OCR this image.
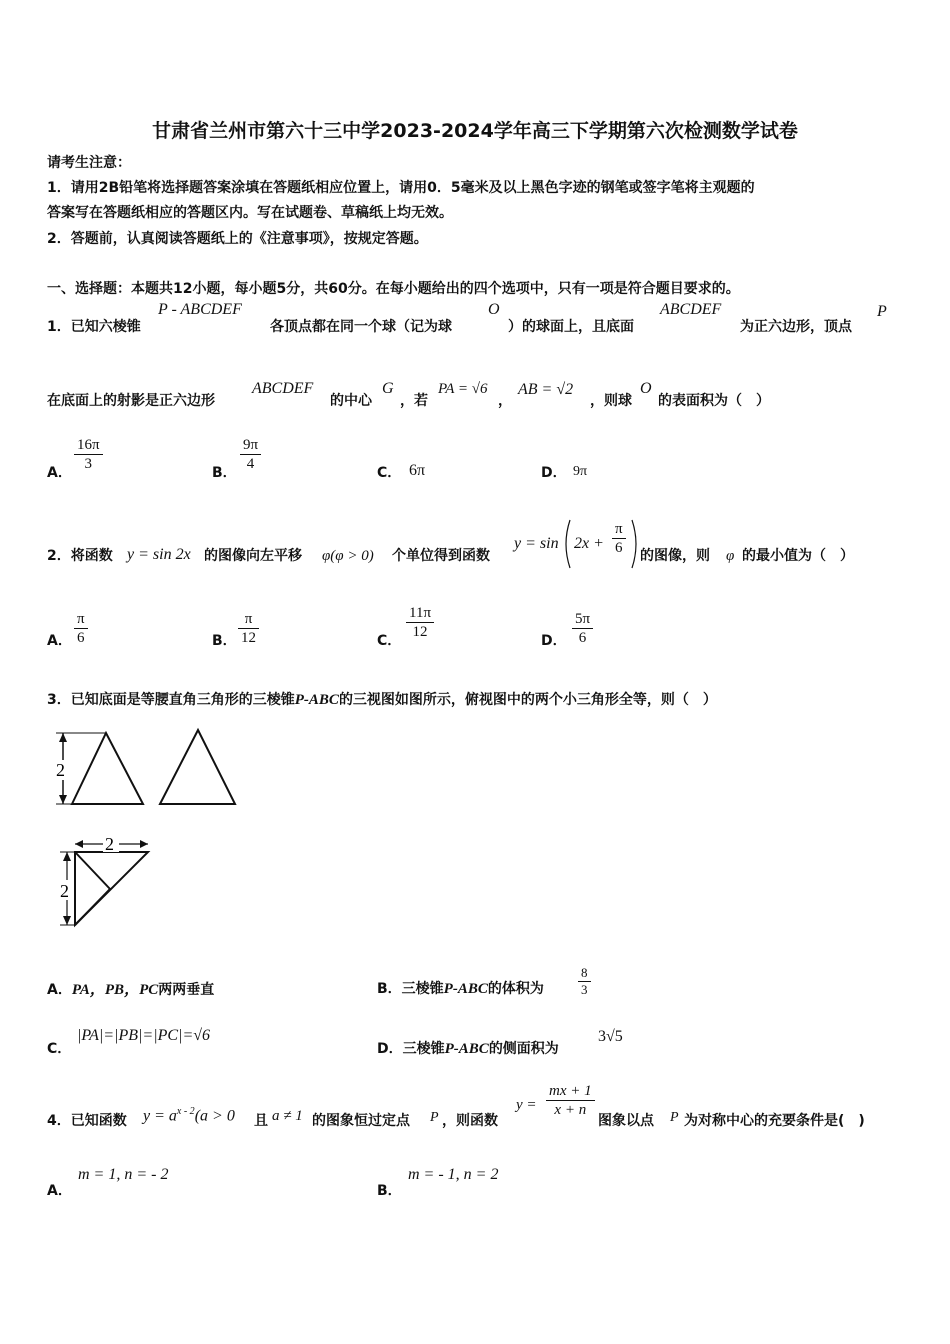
甘肃省兰州市第六十三中学2023-2024学年高三下学期第六次检测数学试卷
请考生注意：
1．请用2B铅笔将选择题答案涂填在答题纸相应位置上，请用0．5毫米及以上黑色字迹的钢笔或签字笔将主观题的
答案写在答题纸相应的答题区内。写在试题卷、草稿纸上均无效。
2．答题前，认真阅读答题纸上的《注意事项》，按规定答题。
一、选择题：本题共12小题，每小题5分，共60分。在每小题给出的四个选项中，只有一项是符合题目要求的。
1．已知六棱锥
P - ABCDEF
各顶点都在同一个球（记为球
O
）的球面上，且底面
ABCDEF
为正六边形，顶点
P
在底面上的射影是正六边形
ABCDEF
的中心
G
，若
PA = √6
，
AB = √2
，则球
O
的表面积为（　）
A． $\frac{16\pi}{3}$	B． $\frac{9\pi}{4}$	C． 6π	D． 9π
2．将函数 y = sin 2x 的图像向左平移 φ(φ > 0) 个单位得到函数
$y = \sin 2x + \frac{\pi}{6}$ 的图像，则 φ 的最小值为（　）
A． $\frac{\pi}{6}$	B． $\frac{\pi}{12}$	C． $\frac{11\pi}{12}$	D． $\frac{5\pi}{6}$
3．已知底面是等腰直角三角形的三棱锥P-ABC的三视图如图所示，俯视图中的两个小三角形全等，则（　）
2
2
2
A．PA，PB，PC两两垂直	B．三棱锥P-ABC的体积为	$\frac{8}{3}$
C．
|PA|=|PB|=|PC|=√6
D．三棱锥P-ABC的侧面积为
3√5
4．已知函数 $y = a^{x - 2}(a > 0$ 且 a ≠ 1 的图象恒过定点 P ，则函数
$y = \frac{mx + 1}{x + n}$
图象以点 P 为对称中心的充要条件是(　)
A．
m = 1, n = - 2
B．
m = - 1, n = 2
